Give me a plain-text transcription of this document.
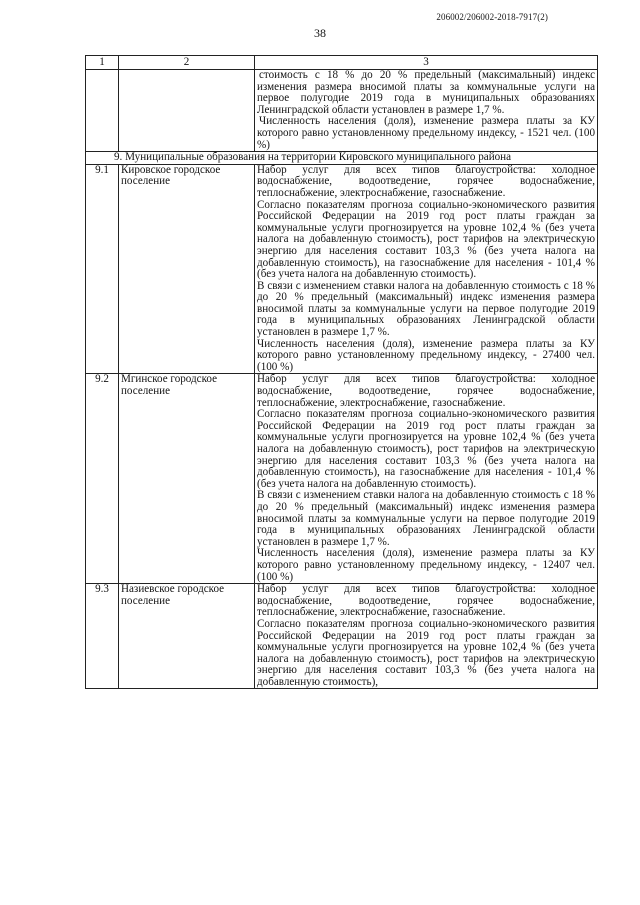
206002/206002-2018-7917(2)
38
1	2	3

		стоимость с 18 % до 20 % предельный (максимальный) индекс изменения размера вносимой платы за коммунальные услуги на первое полугодие 2019 года в муниципальных образованиях Ленинградской области установлен в размере 1,7 %.

Численность населения (доля), изменение размера платы за КУ которого равно установленному предельному индексу, - 1521 чел. (100 %)

9. Муниципальные образования на территории Кировского муниципального района		
9.1	Кировское городское поселение	Набор услуг для всех типов благоустройства: холодное водоснабжение, водоотведение, горячее водоснабжение, теплоснабжение, электроснабжение, газоснабжение.

Согласно показателям прогноза социально-экономического развития Российской Федерации на 2019 год рост платы граждан за коммунальные услуги прогнозируется на уровне 102,4 % (без учета налога на добавленную стоимость), рост тарифов на электрическую энергию для населения составит 103,3 % (без учета налога на добавленную стоимость), на газоснабжение для населения - 101,4 % (без учета налога на добавленную стоимость).

В связи с изменением ставки налога на добавленную стоимость с 18 % до 20 % предельный (максимальный) индекс изменения размера вносимой платы за коммунальные услуги на первое полугодие 2019 года в муниципальных образованиях Ленинградской области установлен в размере 1,7 %.

Численность населения (доля), изменение размера платы за КУ которого равно установленному предельному индексу, - 27400 чел. (100 %)

9.2	Мгинское городское поселение	Набор услуг для всех типов благоустройства: холодное водоснабжение, водоотведение, горячее водоснабжение, теплоснабжение, электроснабжение, газоснабжение.

Согласно показателям прогноза социально-экономического развития Российской Федерации на 2019 год рост платы граждан за коммунальные услуги прогнозируется на уровне 102,4 % (без учета налога на добавленную стоимость), рост тарифов на электрическую энергию для населения составит 103,3 % (без учета налога на добавленную стоимость), на газоснабжение для населения - 101,4 % (без учета налога на добавленную стоимость).

В связи с изменением ставки налога на добавленную стоимость с 18 % до 20 % предельный (максимальный) индекс изменения размера вносимой платы за коммунальные услуги на первое полугодие 2019 года в муниципальных образованиях Ленинградской области установлен в размере 1,7 %.

Численность населения (доля), изменение размера платы за КУ которого равно установленному предельному индексу, - 12407 чел. (100 %)

9.3	Назиевское городское поселение	Набор услуг для всех типов благоустройства: холодное водоснабжение, водоотведение, горячее водоснабжение, теплоснабжение, электроснабжение, газоснабжение.

Согласно показателям прогноза социально-экономического развития Российской Федерации на 2019 год рост платы граждан за коммунальные услуги прогнозируется на уровне 102,4 % (без учета налога на добавленную стоимость), рост тарифов на электрическую энергию для населения составит 103,3 % (без учета налога на добавленную стоимость),
